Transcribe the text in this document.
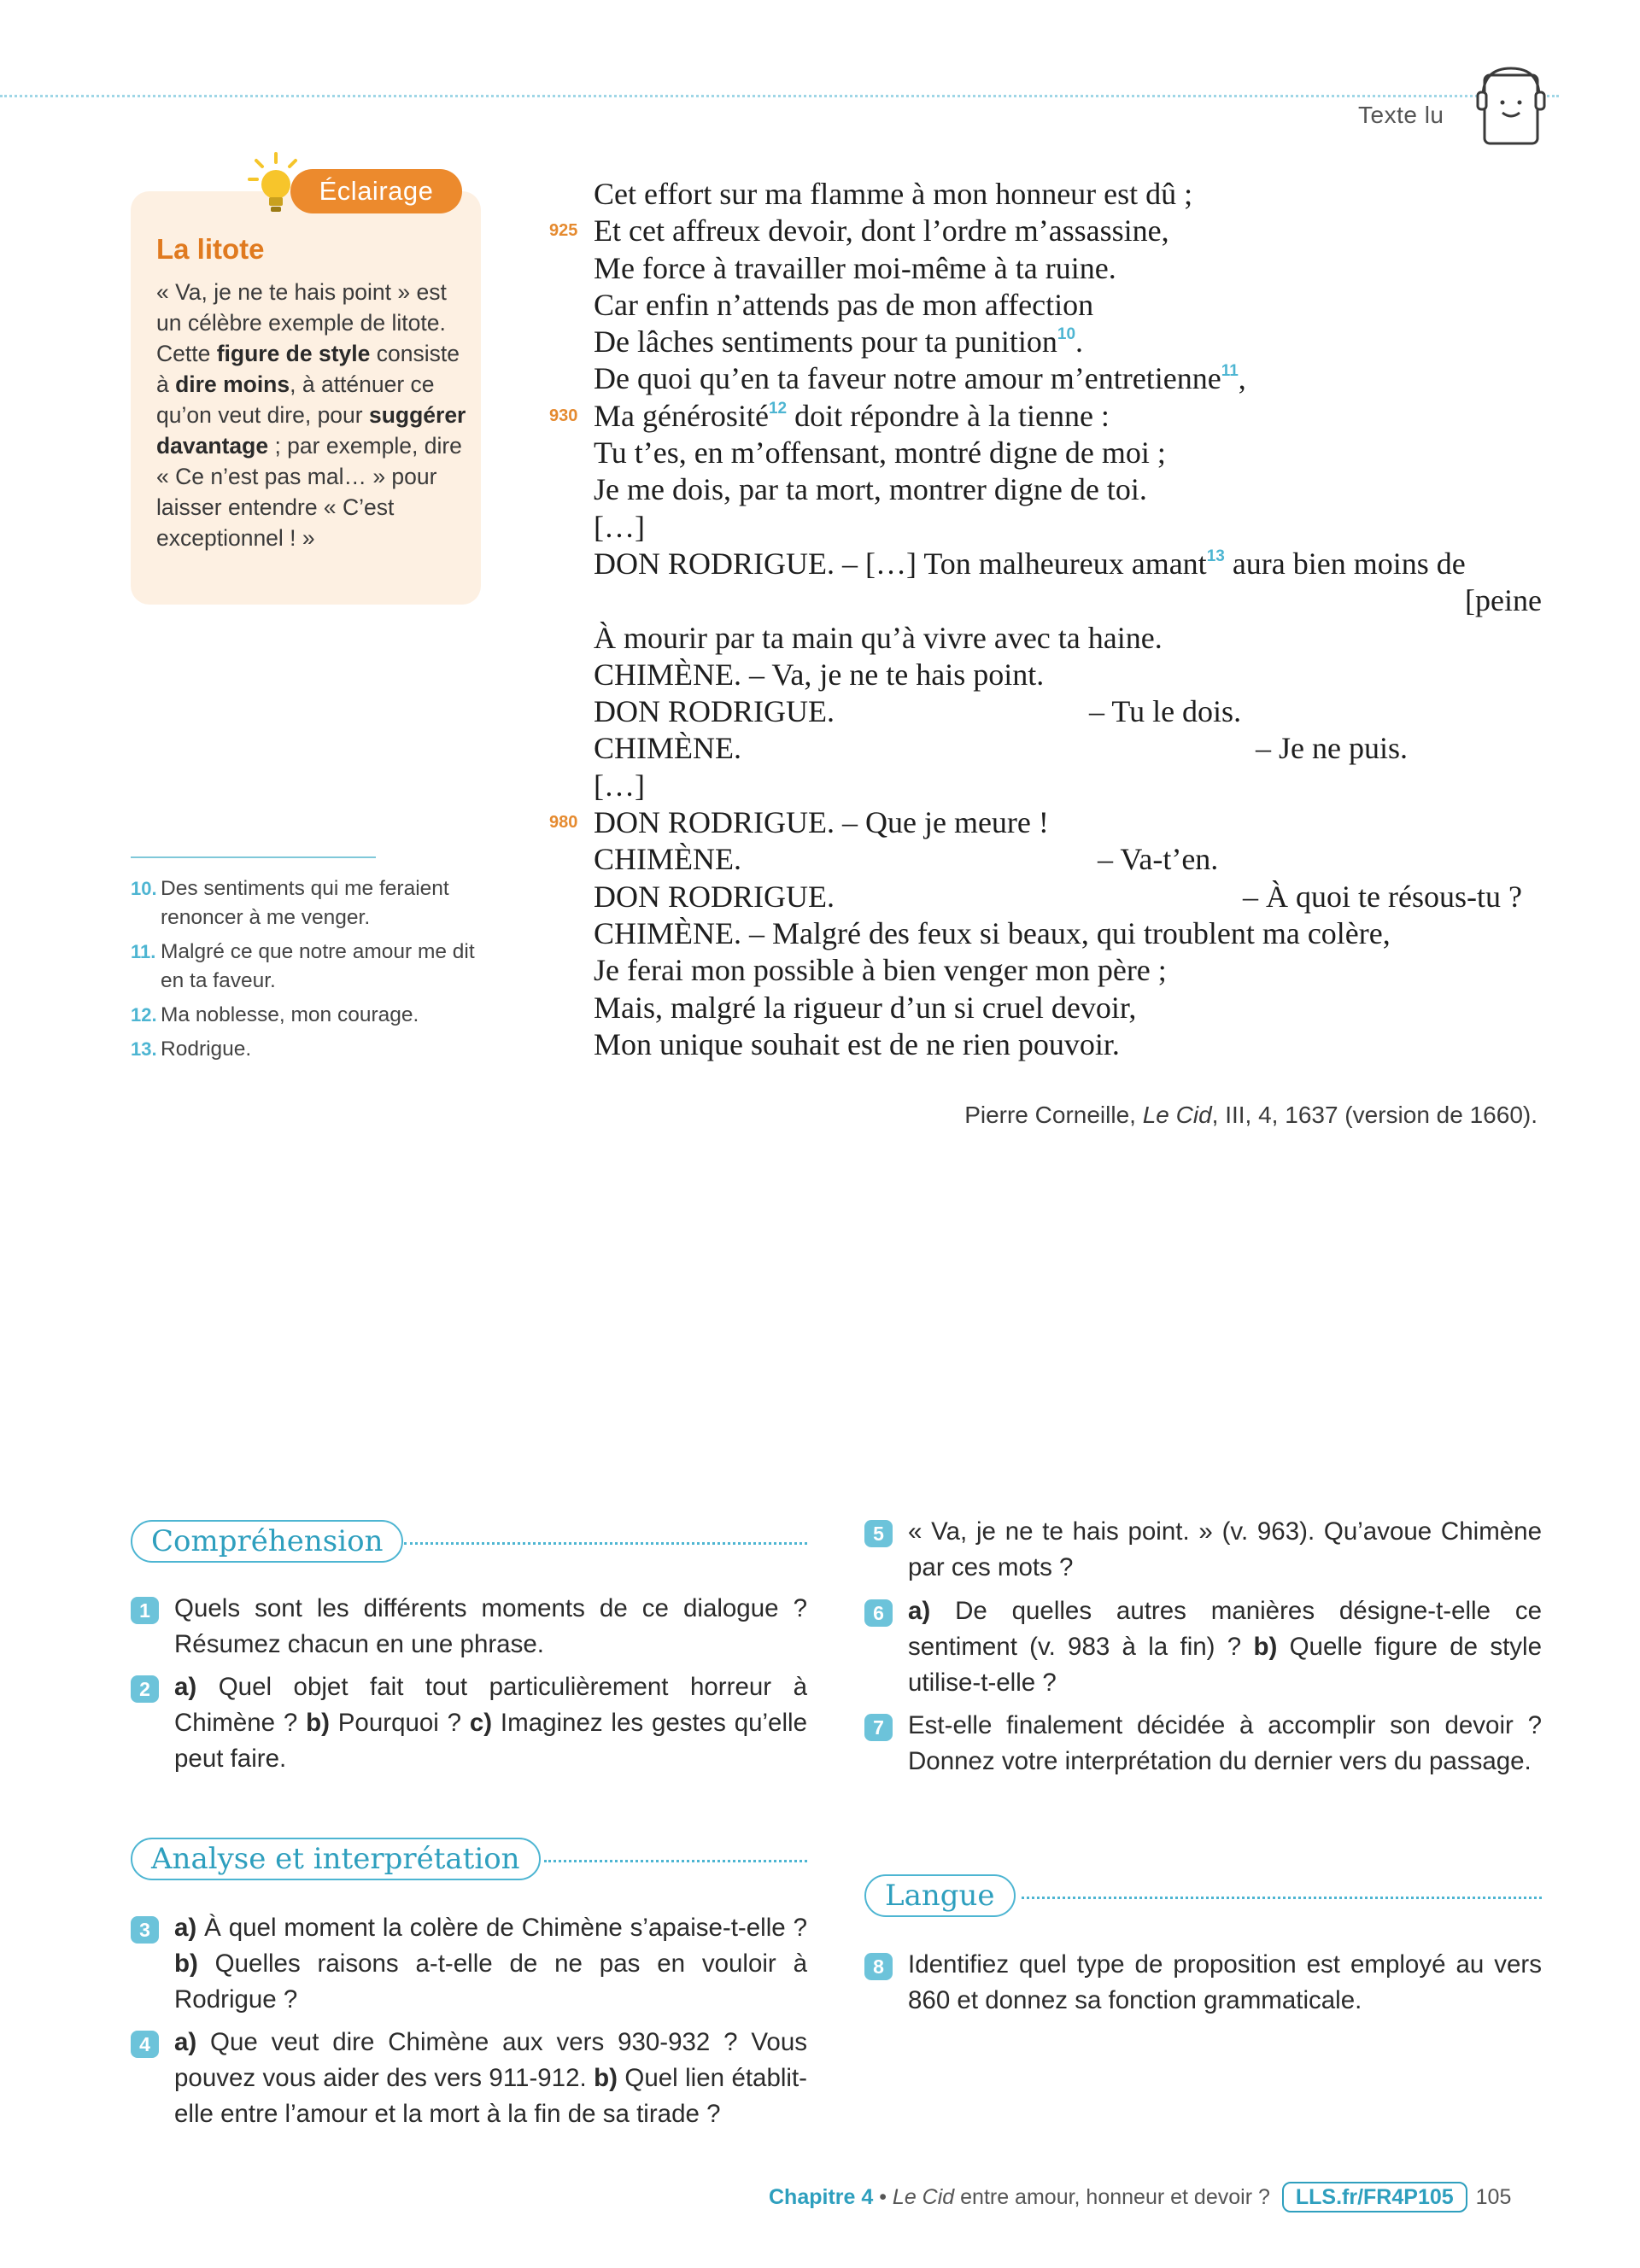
Texte lu
Éclairage
La litote
« Va, je ne te hais point » est un célèbre exemple de litote. Cette figure de style consiste à dire moins, à atténuer ce qu’on veut dire, pour suggérer davantage ; par exemple, dire « Ce n’est pas mal… » pour laisser entendre « C’est exceptionnel ! »
10. Des sentiments qui me feraient renoncer à me venger.
11. Malgré ce que notre amour me dit en ta faveur.
12. Ma noblesse, mon courage.
13. Rodrigue.
Cet effort sur ma flamme à mon honneur est dû ;
925 Et cet affreux devoir, dont l’ordre m’assassine,
Me force à travailler moi-même à ta ruine.
Car enfin n’attends pas de mon affection
De lâches sentiments pour ta punition$^{10}$.
De quoi qu’en ta faveur notre amour m’entretienne$^{11}$,
930 Ma générosité$^{12}$ doit répondre à la tienne :
Tu t’es, en m’offensant, montré digne de moi ;
Je me dois, par ta mort, montrer digne de toi.
[…]
DON RODRIGUE. – […] Ton malheureux amant$^{13}$ aura bien moins de
[peine
À mourir par ta main qu’à vivre avec ta haine.
CHIMÈNE. – Va, je ne te hais point.
DON RODRIGUE.	– Tu le dois.
CHIMÈNE.	– Je ne puis.
[…]
980 DON RODRIGUE. – Que je meure !
CHIMÈNE.	– Va-t’en.
DON RODRIGUE.	– À quoi te résous-tu ?
CHIMÈNE. – Malgré des feux si beaux, qui troublent ma colère,
Je ferai mon possible à bien venger mon père ;
Mais, malgré la rigueur d’un si cruel devoir,
Mon unique souhait est de ne rien pouvoir.
Pierre Corneille, Le Cid, III, 4, 1637 (version de 1660).
Compréhension
Analyse et interprétation
Langue
1 Quels sont les différents moments de ce dialogue ? Résumez chacun en une phrase.
2 a) Quel objet fait tout particulièrement horreur à Chimène ? b) Pourquoi ? c) Imaginez les gestes qu’elle peut faire.
3 a) À quel moment la colère de Chimène s’apaise-t-elle ? b) Quelles raisons a-t-elle de ne pas en vouloir à Rodrigue ?
4 a) Que veut dire Chimène aux vers 930-932 ? Vous pouvez vous aider des vers 911-912. b) Quel lien établit-elle entre l’amour et la mort à la fin de sa tirade ?
5 « Va, je ne te hais point. » (v. 963). Qu’avoue Chimène par ces mots ?
6 a) De quelles autres manières désigne-t-elle ce sentiment (v. 983 à la fin) ? b) Quelle figure de style utilise-t-elle ?
7 Est-elle finalement décidée à accomplir son devoir ? Donnez votre interprétation du dernier vers du passage.
8 Identifiez quel type de proposition est employé au vers 860 et donnez sa fonction grammaticale.
Chapitre 4 • Le Cid entre amour, honneur et devoir ? LLS.fr/FR4P105 105
